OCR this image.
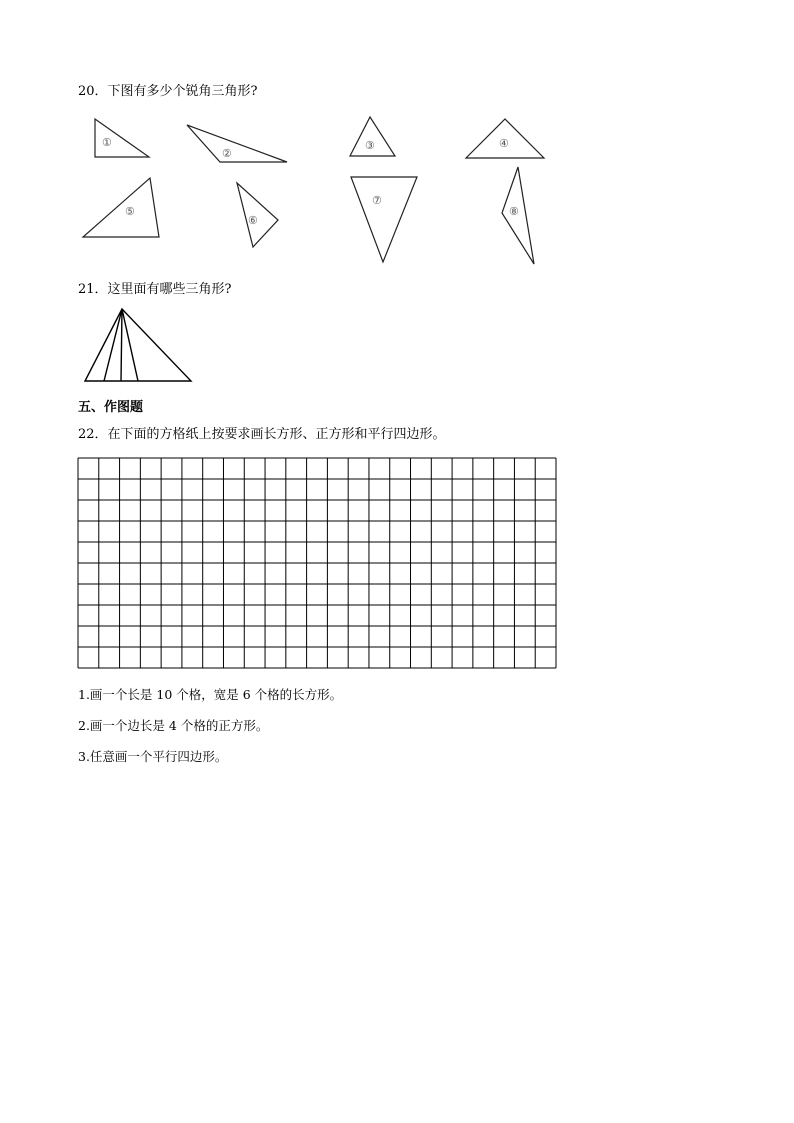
20．下图有多少个锐角三角形?
①
②
③	④
⑤
⑥
⑦
⑧
21．这里面有哪些三角形?
五、作图题
22．在下面的方格纸上按要求画长方形、正方形和平行四边形。
1.画一个长是 10 个格，宽是 6 个格的长方形。
2.画一个边长是 4 个格的正方形。
3.任意画一个平行四边形。
